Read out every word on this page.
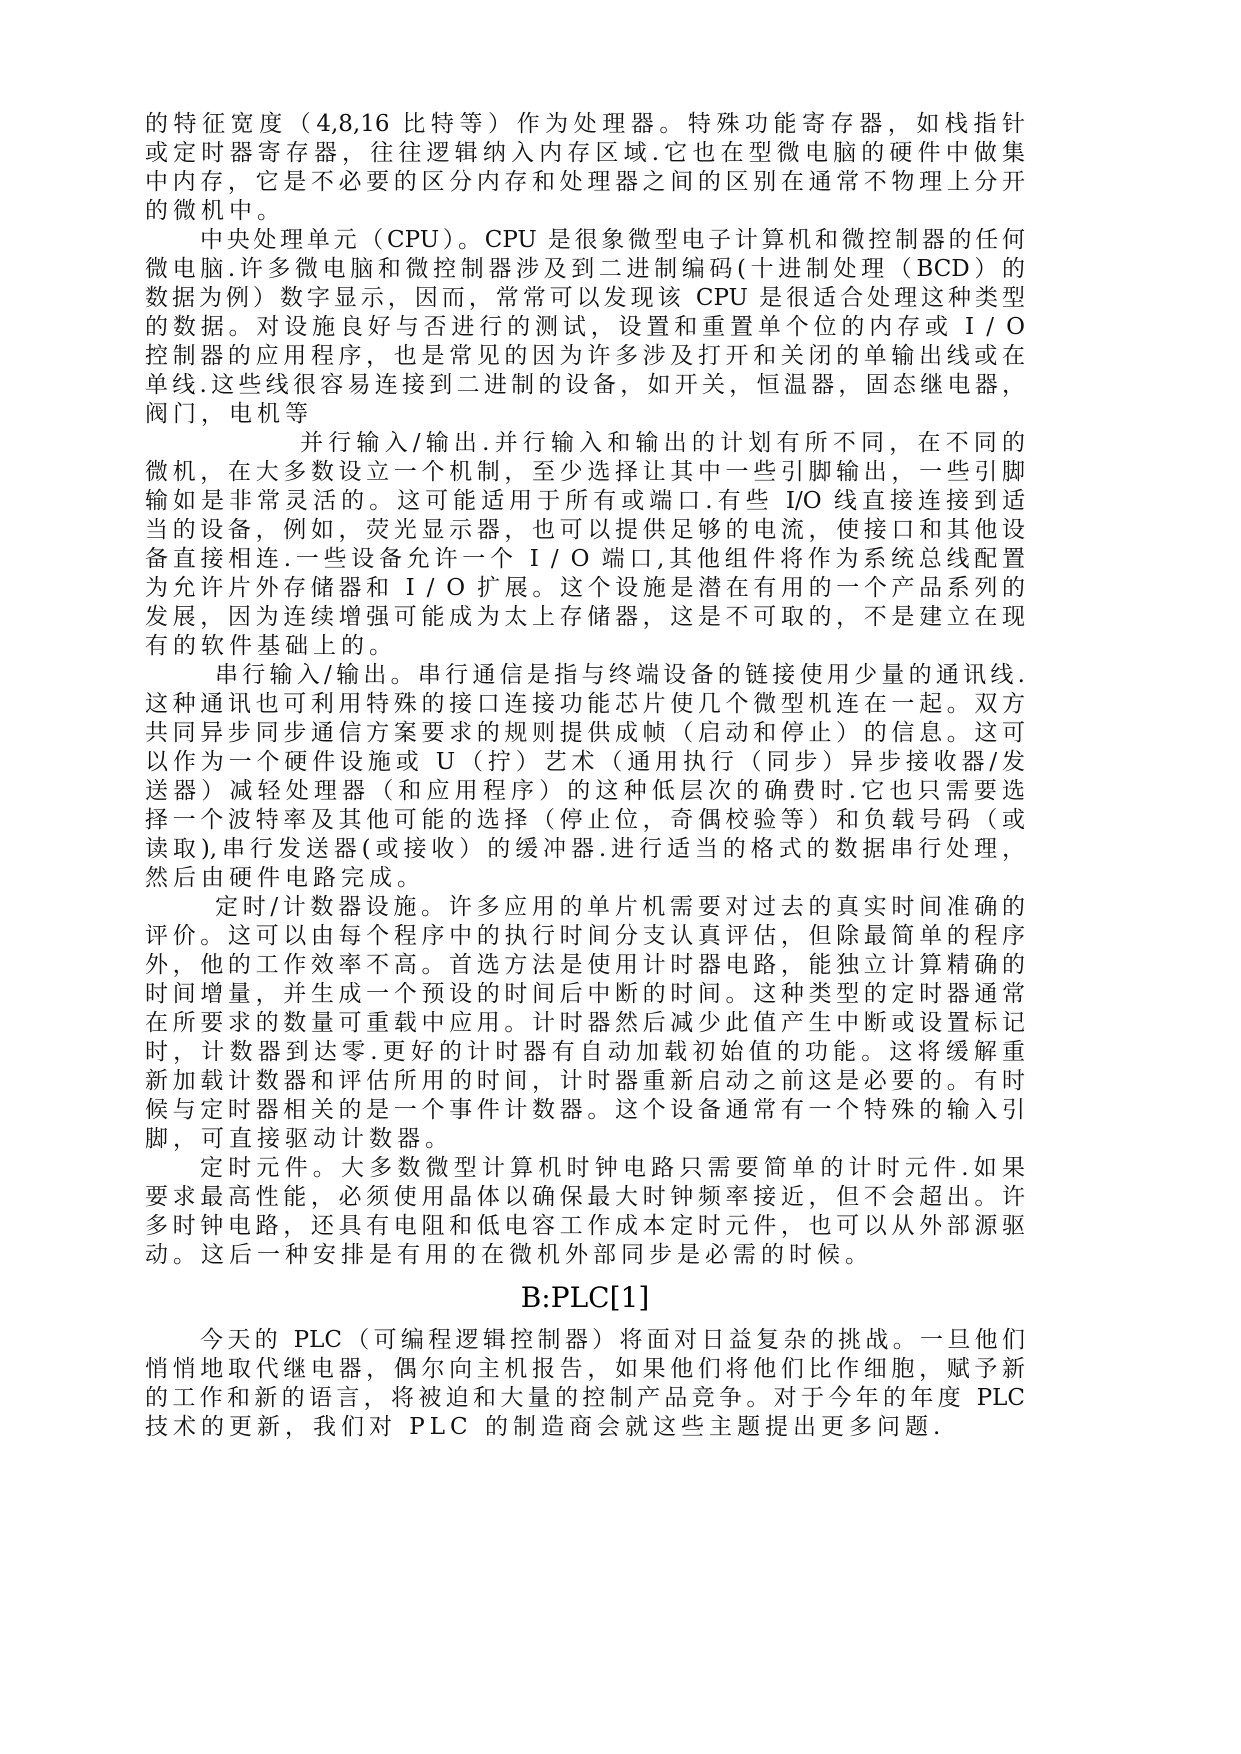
的特征宽度（4,8,16 比特等）作为处理器。特殊功能寄存器，如栈指针
或定时器寄存器，往往逻辑纳入内存区域.它也在型微电脑的硬件中做集
中内存，它是不必要的区分内存和处理器之间的区别在通常不物理上分开
的微机中。
中央处理单元（CPU）。CPU 是很象微型电子计算机和微控制器的任何
微电脑.许多微电脑和微控制器涉及到二进制编码(十进制处理（BCD）的
数据为例）数字显示，因而，常常可以发现该 CPU 是很适合处理这种类型
的数据。对设施良好与否进行的测试，设置和重置单个位的内存或 I / O
控制器的应用程序，也是常见的因为许多涉及打开和关闭的单输出线或在
单线.这些线很容易连接到二进制的设备，如开关，恒温器，固态继电器，
阀门，电机等
并行输入/输出.并行输入和输出的计划有所不同，在不同的
微机，在大多数设立一个机制，至少选择让其中一些引脚输出，一些引脚
输如是非常灵活的。这可能适用于所有或端口.有些 I/O 线直接连接到适
当的设备，例如，荧光显示器，也可以提供足够的电流，使接口和其他设
备直接相连.一些设备允许一个 I / O 端口,其他组件将作为系统总线配置
为允许片外存储器和 I / O 扩展。这个设施是潜在有用的一个产品系列的
发展，因为连续增强可能成为太上存储器，这是不可取的，不是建立在现
有的软件基础上的。
串行输入/输出。串行通信是指与终端设备的链接使用少量的通讯线.
这种通讯也可利用特殊的接口连接功能芯片使几个微型机连在一起。双方
共同异步同步通信方案要求的规则提供成帧（启动和停止）的信息。这可
以作为一个硬件设施或 U（拧）艺术（通用执行（同步）异步接收器/发
送器）减轻处理器（和应用程序）的这种低层次的确费时.它也只需要选
择一个波特率及其他可能的选择（停止位，奇偶校验等）和负载号码（或
读取),串行发送器(或接收）的缓冲器.进行适当的格式的数据串行处理，
然后由硬件电路完成。
定时/计数器设施。许多应用的单片机需要对过去的真实时间准确的
评价。这可以由每个程序中的执行时间分支认真评估，但除最简单的程序
外，他的工作效率不高。首选方法是使用计时器电路，能独立计算精确的
时间增量，并生成一个预设的时间后中断的时间。这种类型的定时器通常
在所要求的数量可重载中应用。计时器然后减少此值产生中断或设置标记
时，计数器到达零.更好的计时器有自动加载初始值的功能。这将缓解重
新加载计数器和评估所用的时间，计时器重新启动之前这是必要的。有时
候与定时器相关的是一个事件计数器。这个设备通常有一个特殊的输入引
脚，可直接驱动计数器。
定时元件。大多数微型计算机时钟电路只需要简单的计时元件.如果
要求最高性能，必须使用晶体以确保最大时钟频率接近，但不会超出。许
多时钟电路，还具有电阻和低电容工作成本定时元件，也可以从外部源驱
动。这后一种安排是有用的在微机外部同步是必需的时候。
B:PLC[1]
今天的 PLC（可编程逻辑控制器）将面对日益复杂的挑战。一旦他们
悄悄地取代继电器，偶尔向主机报告，如果他们将他们比作细胞，赋予新
的工作和新的语言，将被迫和大量的控制产品竞争。对于今年的年度 PLC
技术的更新，我们对 PLC 的制造商会就这些主题提出更多问题.
